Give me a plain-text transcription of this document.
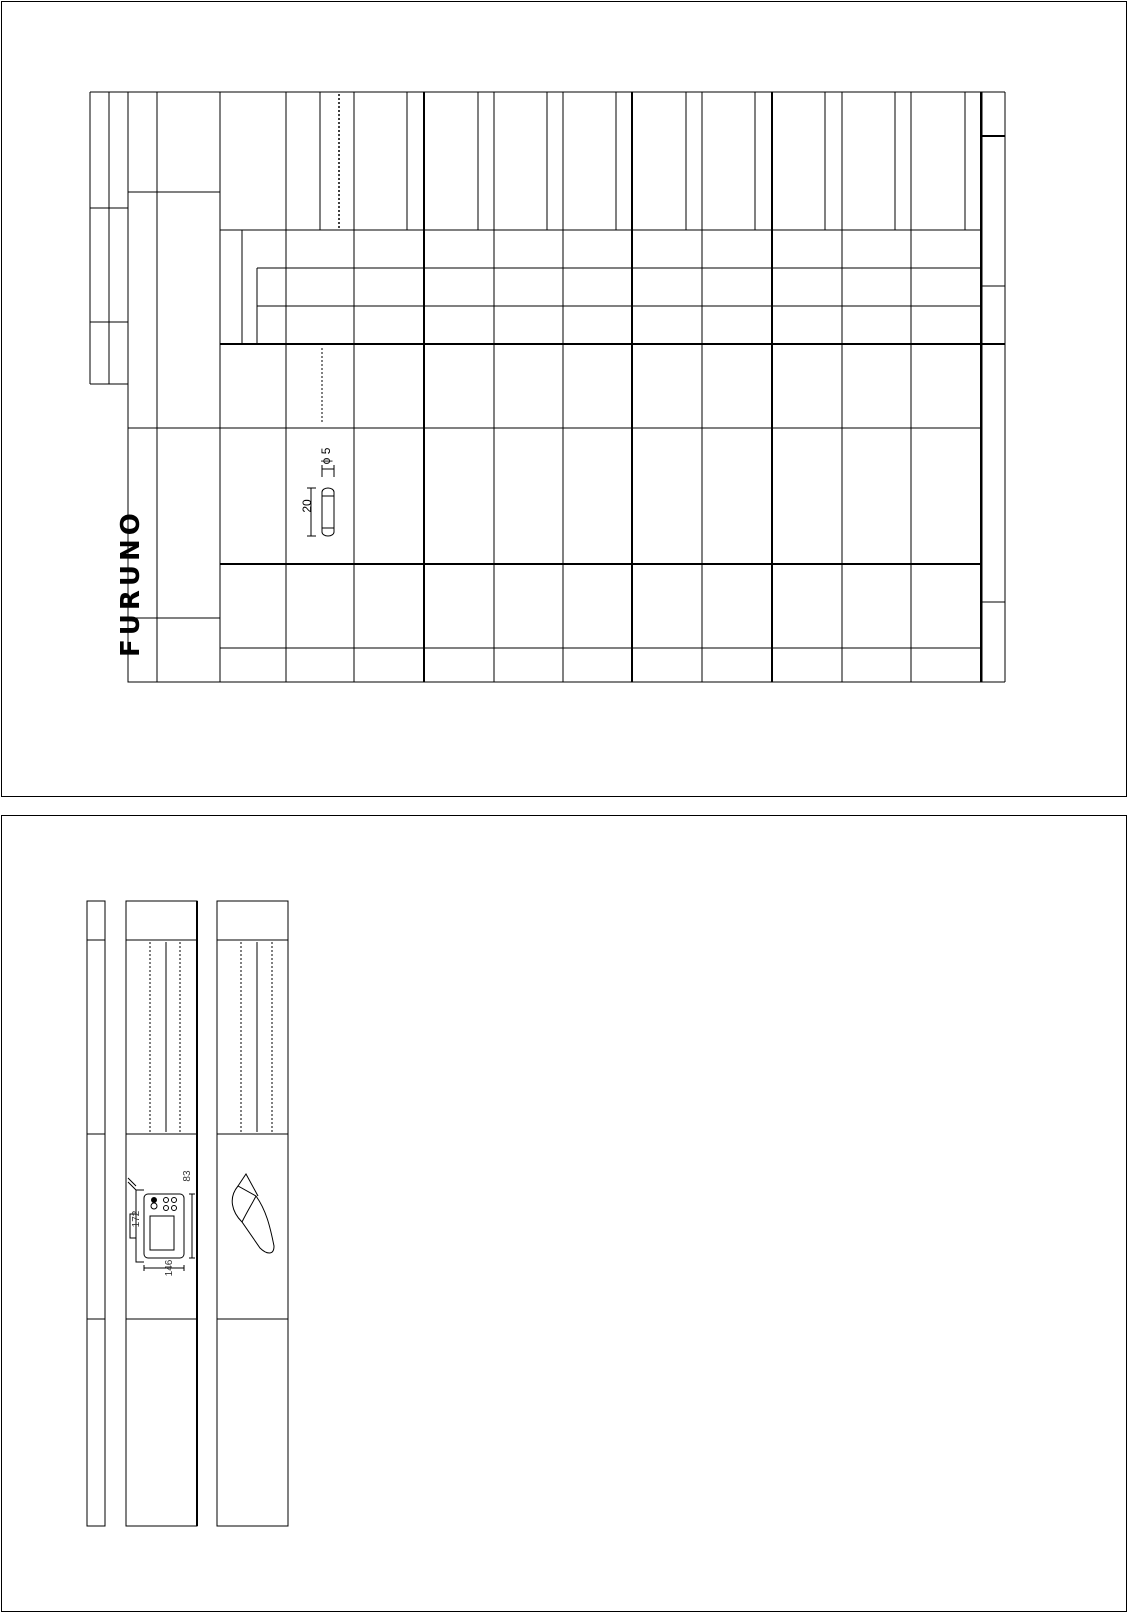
FURUNO
20
ϕ 5
146
172
83
